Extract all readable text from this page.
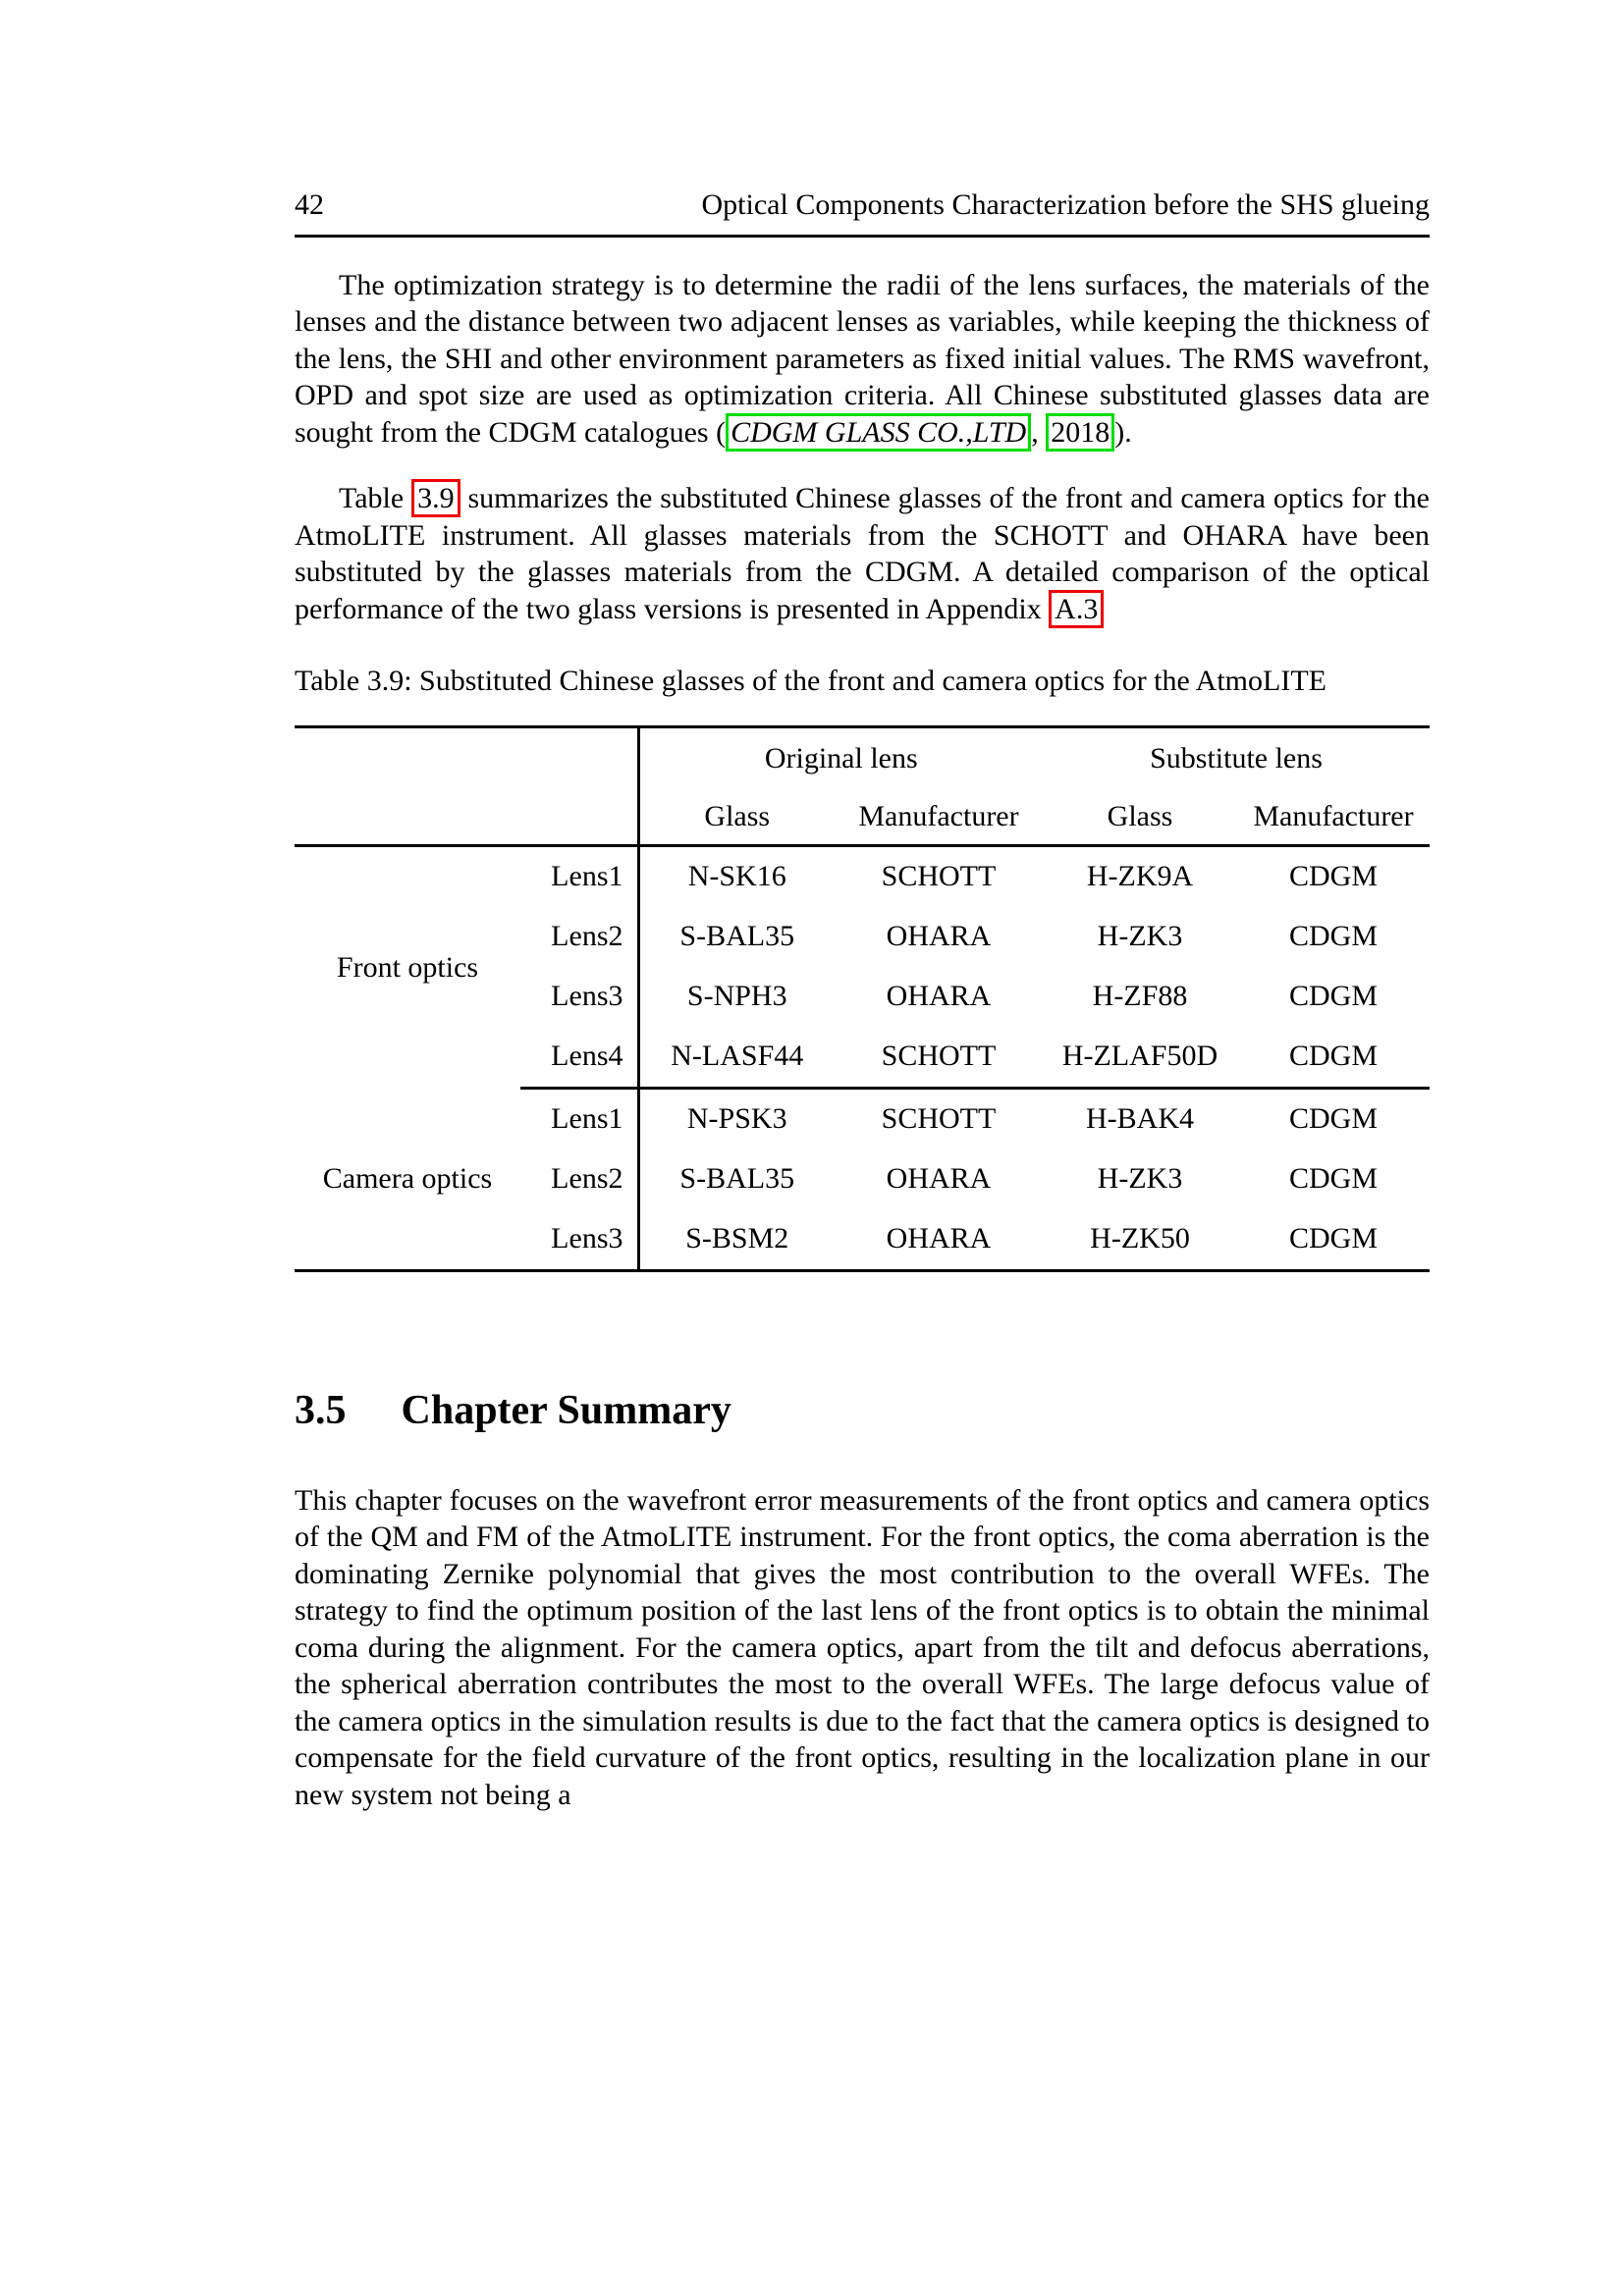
42	Optical Components Characterization before the SHS glueing

The optimization strategy is to determine the radii of the lens surfaces, the materials of the lenses and the distance between two adjacent lenses as variables, while keeping the thickness of the lens, the SHI and other environment parameters as fixed initial values. The RMS wavefront, OPD and spot size are used as optimization criteria. All Chinese substituted glasses data are sought from the CDGM catalogues ( CDGM GLASS CO.,LTD , 2018 ).

Table 3.9 summarizes the substituted Chinese glasses of the front and camera optics for the AtmoLITE instrument. All glasses materials from the SCHOTT and OHARA have been substituted by the glasses materials from the CDGM. A detailed comparison of the optical performance of the two glass versions is presented in Appendix A.3

Table 3.9: Substituted Chinese glasses of the front and camera optics for the AtmoLITE

		Original lens		Substitute lens	
		Glass	Manufacturer	Glass	Manufacturer
Front optics	Lens1	N-SK16	SCHOTT	H-ZK9A	CDGM
	Lens2	S-BAL35	OHARA	H-ZK3	CDGM
	Lens3	S-NPH3	OHARA	H-ZF88	CDGM
	Lens4	N-LASF44	SCHOTT	H-ZLAF50D	CDGM
Camera optics	Lens1	N-PSK3	SCHOTT	H-BAK4	CDGM
	Lens2	S-BAL35	OHARA	H-ZK3	CDGM
	Lens3	S-BSM2	OHARA	H-ZK50	CDGM
3.5 Chapter Summary

This chapter focuses on the wavefront error measurements of the front optics and camera optics of the QM and FM of the AtmoLITE instrument. For the front optics, the coma aberration is the dominating Zernike polynomial that gives the most contribution to the overall WFEs. The strategy to find the optimum position of the last lens of the front optics is to obtain the minimal coma during the alignment. For the camera optics, apart from the tilt and defocus aberrations, the spherical aberration contributes the most to the overall WFEs. The large defocus value of the camera optics in the simulation results is due to the fact that the camera optics is designed to compensate for the field curvature of the front optics, resulting in the localization plane in our new system not being a
